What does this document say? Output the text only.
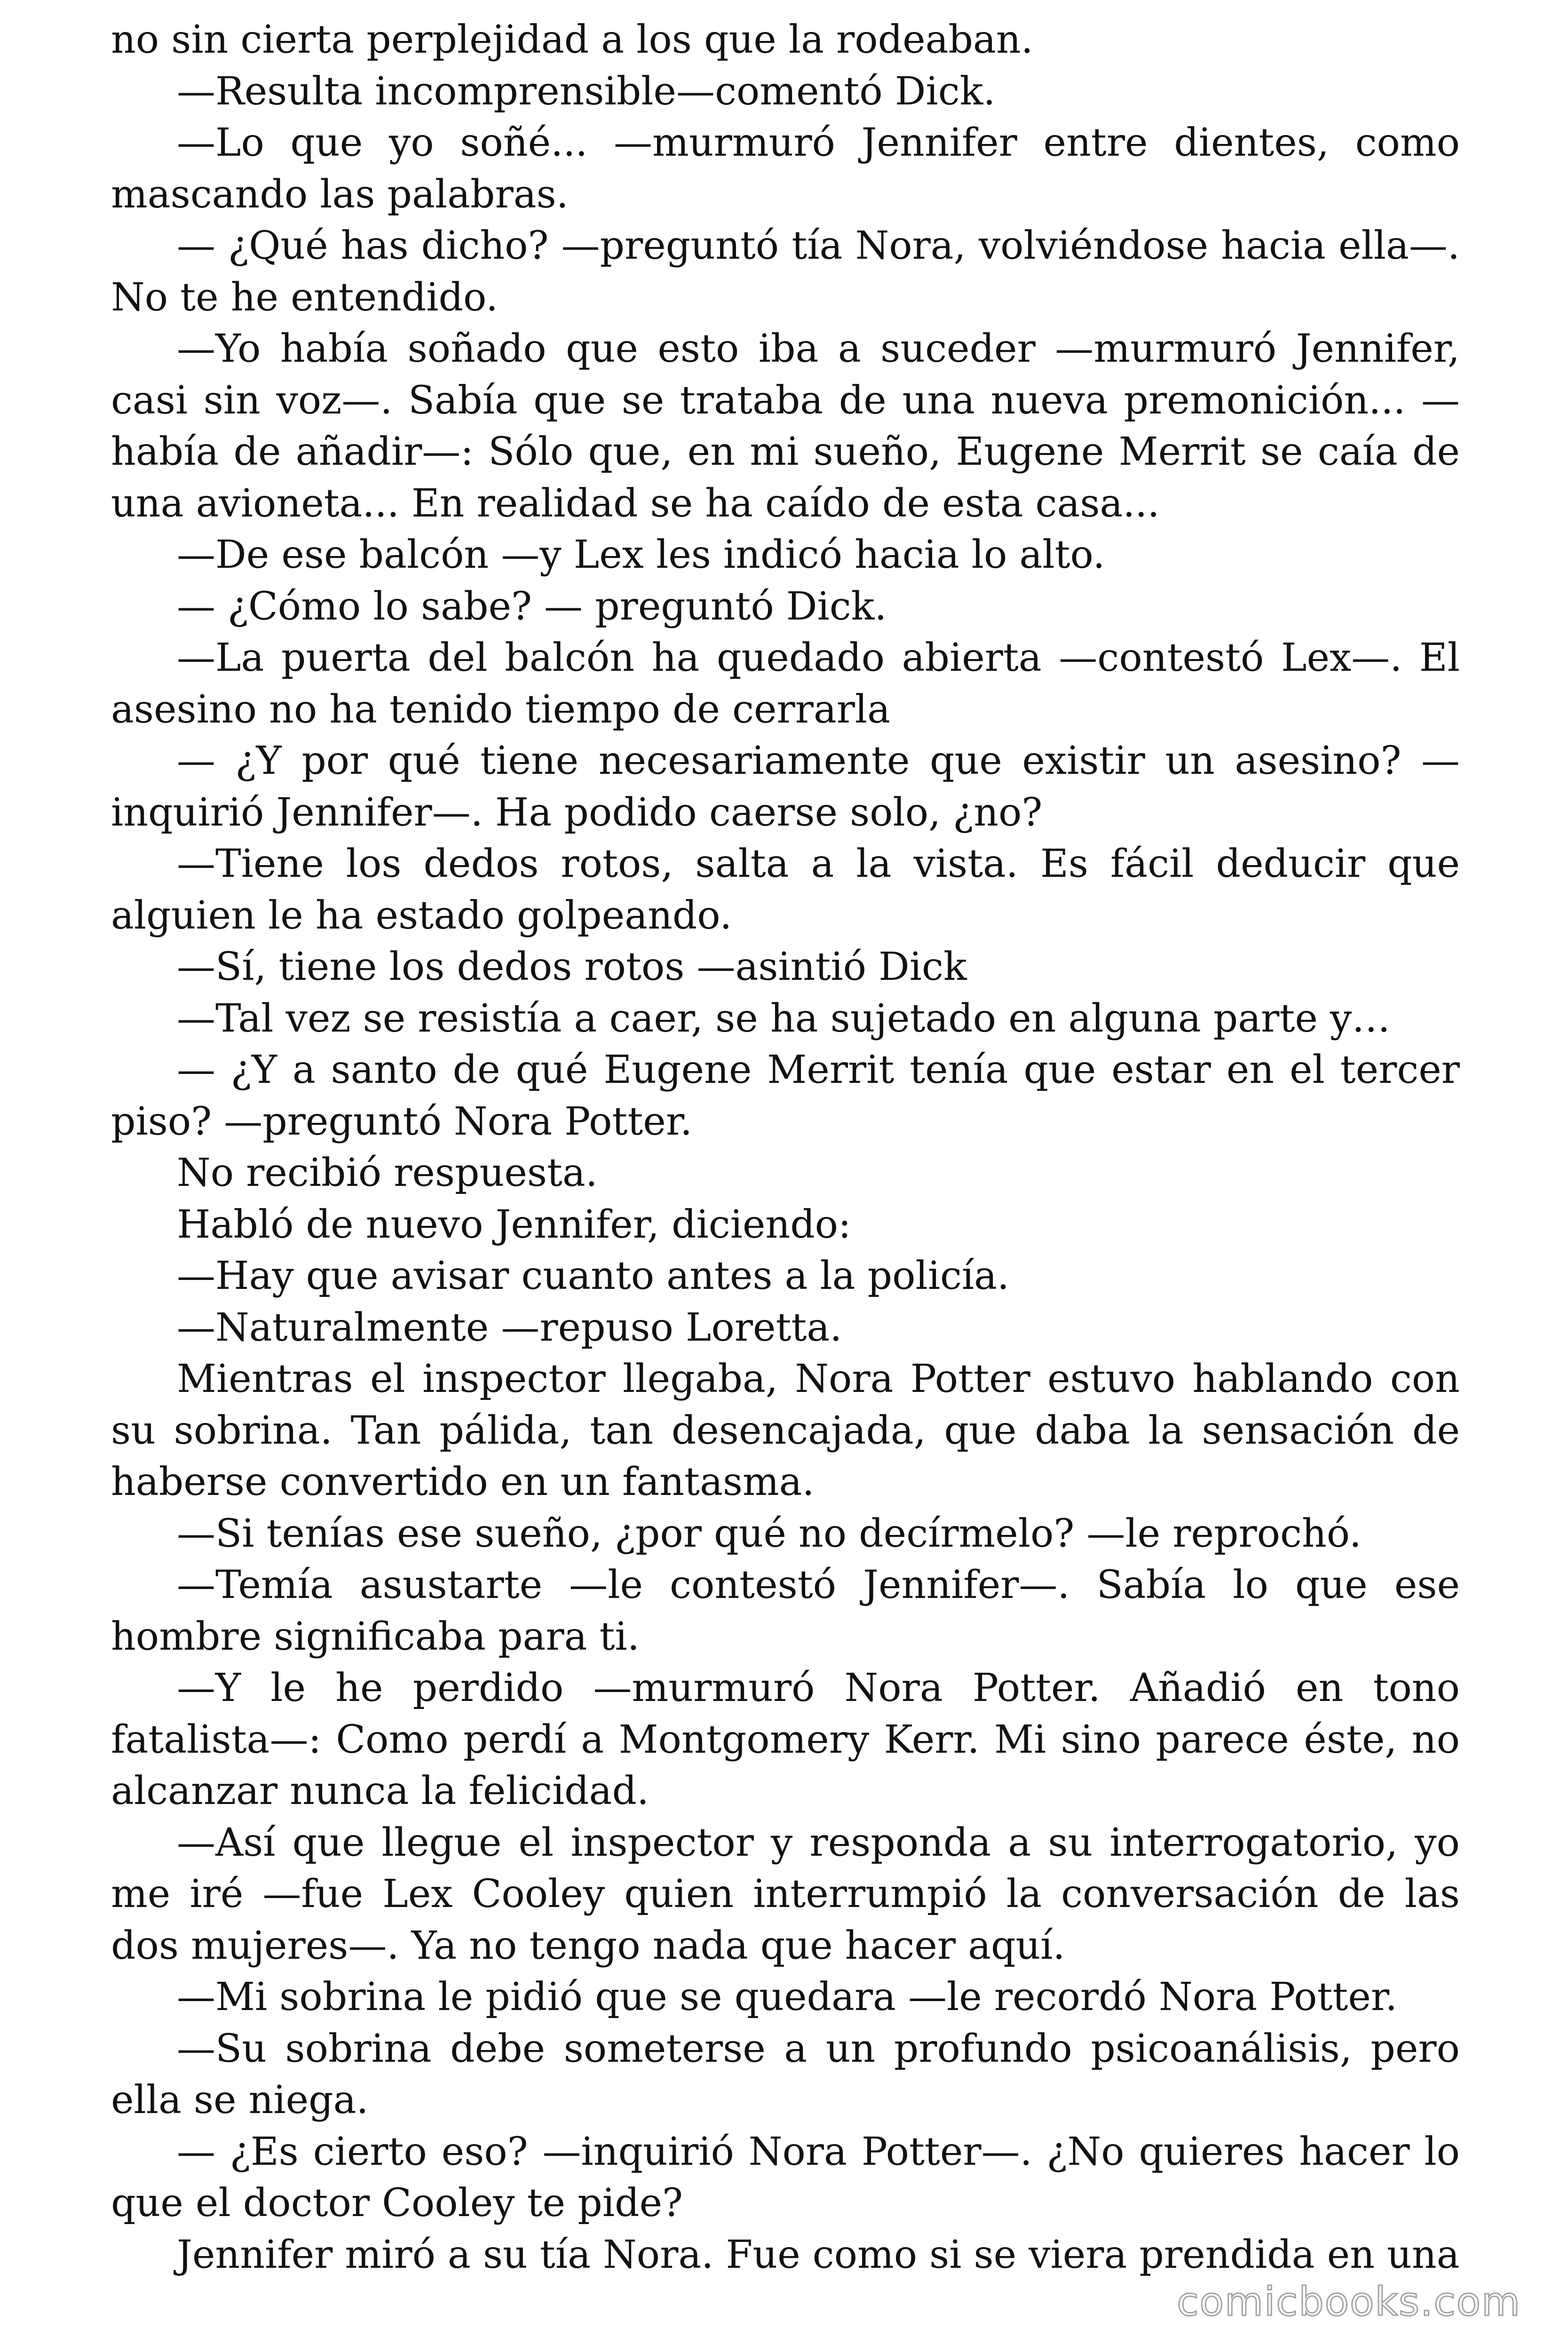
no sin cierta perplejidad a los que la rodeaban.

—Resulta incomprensible—comentó Dick.

—Lo que yo soñé... —murmuró Jennifer entre dientes, como mascando las palabras.

— ¿Qué has dicho? —preguntó tía Nora, volviéndose hacia ella—. No te he entendido.

—Yo había soñado que esto iba a suceder —murmuró Jennifer, casi sin voz—. Sabía que se trataba de una nueva premonición... —había de añadir—: Sólo que, en mi sueño, Eugene Merrit se caía de una avioneta... En realidad se ha caído de esta casa...

—De ese balcón —y Lex les indicó hacia lo alto.

— ¿Cómo lo sabe? — preguntó Dick.

—La puerta del balcón ha quedado abierta —contestó Lex—. El asesino no ha tenido tiempo de cerrarla

— ¿Y por qué tiene necesariamente que existir un asesino? —inquirió Jennifer—. Ha podido caerse solo, ¿no?

—Tiene los dedos rotos, salta a la vista. Es fácil deducir que alguien le ha estado golpeando.

—Sí, tiene los dedos rotos —asintió Dick

—Tal vez se resistía a caer, se ha sujetado en alguna parte y…

— ¿Y a santo de qué Eugene Merrit tenía que estar en el tercer piso? —preguntó Nora Potter.

No recibió respuesta.

Habló de nuevo Jennifer, diciendo:

—Hay que avisar cuanto antes a la policía.

—Naturalmente —repuso Loretta.

Mientras el inspector llegaba, Nora Potter estuvo hablando con su sobrina. Tan pálida, tan desencajada, que daba la sensación de haberse convertido en un fantasma.

—Si tenías ese sueño, ¿por qué no decírmelo? —le reprochó.

—Temía asustarte —le contestó Jennifer—. Sabía lo que ese hombre significaba para ti.

—Y le he perdido —murmuró Nora Potter. Añadió en tono fatalista—: Como perdí a Montgomery Kerr. Mi sino parece éste, no alcanzar nunca la felicidad.

—Así que llegue el inspector y responda a su interrogatorio, yo me iré —fue Lex Cooley quien interrumpió la conversación de las dos mujeres—. Ya no tengo nada que hacer aquí.

—Mi sobrina le pidió que se quedara —le recordó Nora Potter.

—Su sobrina debe someterse a un profundo psicoanálisis, pero ella se niega.

— ¿Es cierto eso? —inquirió Nora Potter—. ¿No quieres hacer lo que el doctor Cooley te pide?

Jennifer miró a su tía Nora. Fue como si se viera prendida en una

comicbooks.com
